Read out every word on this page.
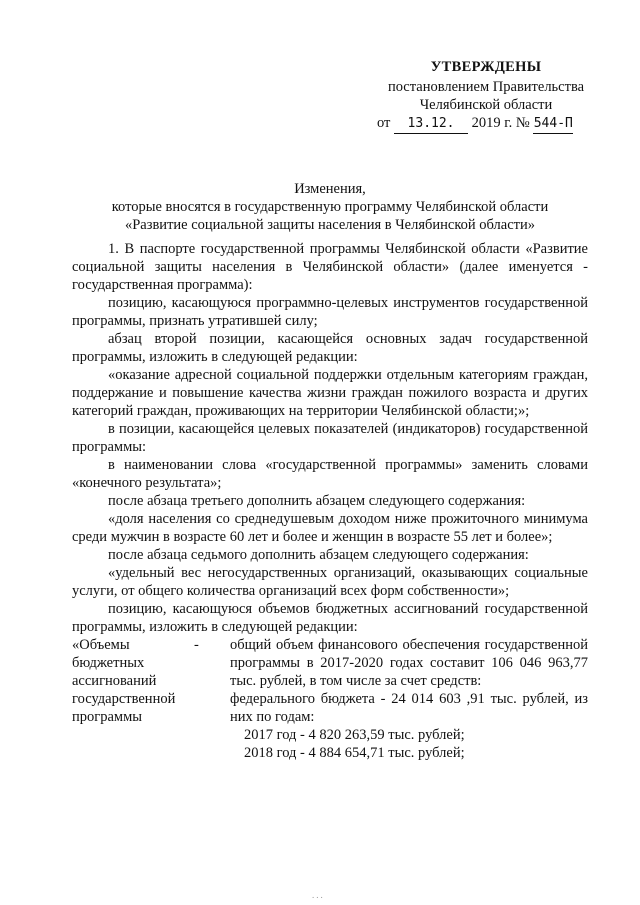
УТВЕРЖДЕНЫ
постановлением Правительства
Челябинской области
от 13.12. 2019 г. № 544-П
Изменения,
которые вносятся в государственную программу Челябинской области
«Развитие социальной защиты населения в Челябинской области»

1. В паспорте государственной программы Челябинской области «Развитие социальной защиты населения в Челябинской области» (далее именуется - государственная программа):

позицию, касающуюся программно-целевых инструментов государственной программы, признать утратившей силу;

абзац второй позиции, касающейся основных задач государственной программы, изложить в следующей редакции:

«оказание адресной социальной поддержки отдельным категориям граждан, поддержание и повышение качества жизни граждан пожилого возраста и других категорий граждан, проживающих на территории Челябинской области;»;

в позиции, касающейся целевых показателей (индикаторов) государственной программы:

в наименовании слова «государственной программы» заменить словами «конечного результата»;

после абзаца третьего дополнить абзацем следующего содержания:

«доля населения со среднедушевым доходом ниже прожиточного минимума среди мужчин в возрасте 60 лет и более и женщин в возрасте 55 лет и более»;

после абзаца седьмого дополнить абзацем следующего содержания:

«удельный вес негосударственных организаций, оказывающих социальные услуги, от общего количества организаций всех форм собственности»;

позицию, касающуюся объемов бюджетных ассигнований государственной программы, изложить в следующей редакции:

«Объемы бюджетных ассигнований государственной программы
-	общий объем финансового обеспечения государственной программы в 2017-2020 годах составит 106 046 963,77 тыс. рублей, в том числе за счет средств:

федерального бюджета - 24 014 603 ,91 тыс. рублей, из них по годам:

2017 год - 4 820 263,59 тыс. рублей;

2018 год - 4 884 654,71 тыс. рублей;

...
